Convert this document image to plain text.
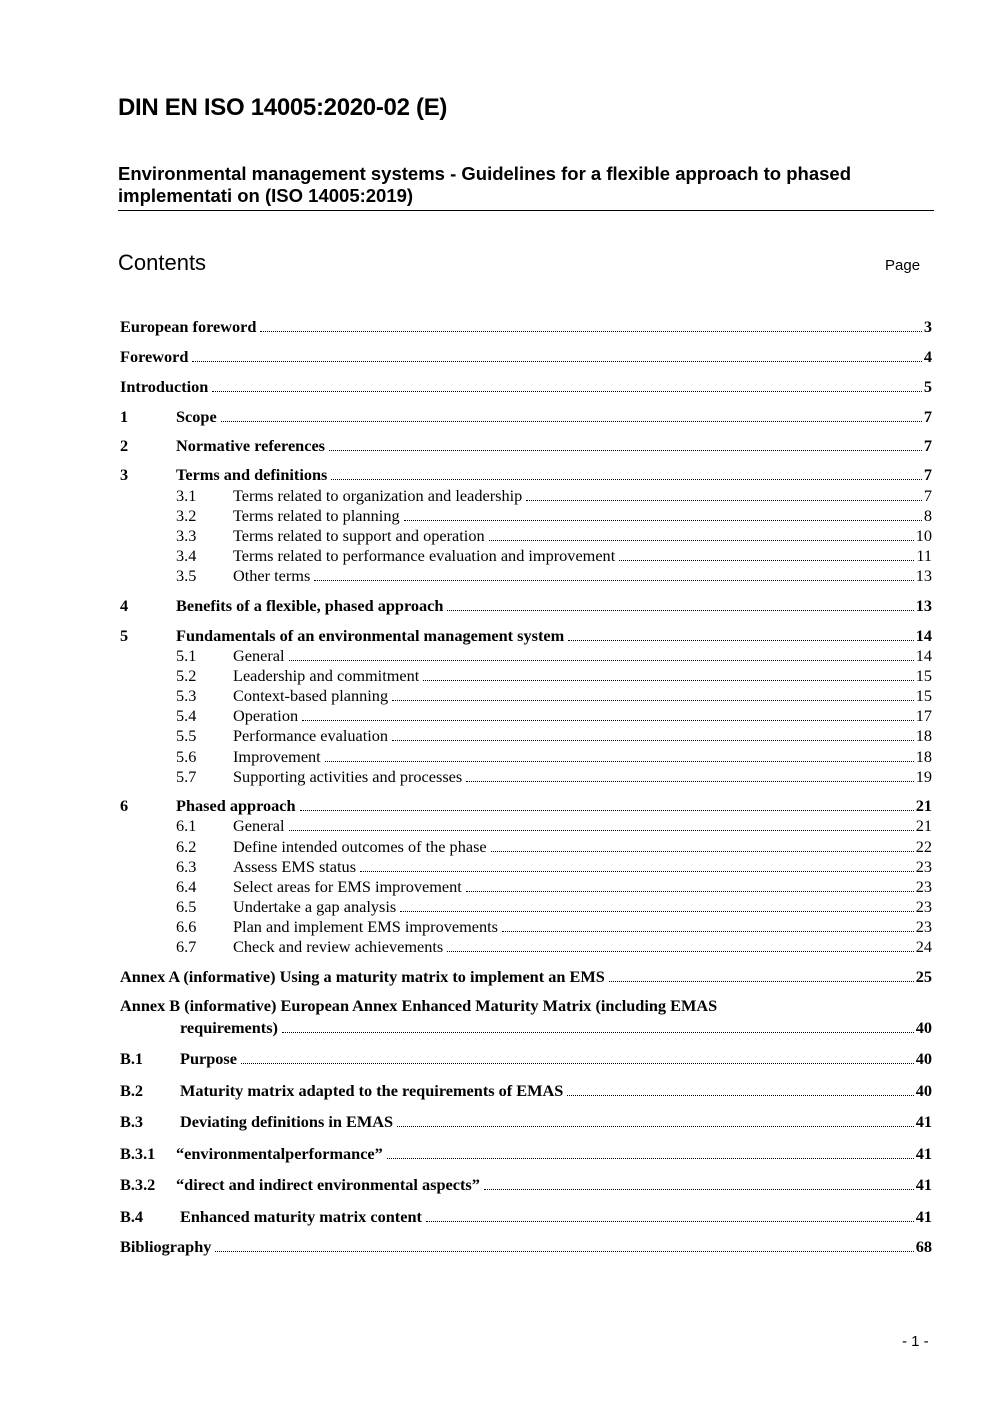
DIN EN ISO 14005:2020-02 (E)
Environmental management systems - Guidelines for a flexible approach to phased
implementati on (ISO 14005:2019)
Contents	Page
European foreword	3
Foreword	4
Introduction	5
1	Scope	7
2	Normative references	7
3	Terms and definitions	7
3.1	Terms related to organization and leadership	7
3.2	Terms related to planning	8
3.3	Terms related to support and operation	10
3.4	Terms related to performance evaluation and improvement	11
3.5	Other terms	13
4	Benefits of a flexible, phased approach	13
5	Fundamentals of an environmental management system	14
5.1	General	14
5.2	Leadership and commitment	15
5.3	Context-based planning	15
5.4	Operation	17
5.5	Performance evaluation	18
5.6	Improvement	18
5.7	Supporting activities and processes	19
6	Phased approach	21
6.1	General	21
6.2	Define intended outcomes of the phase	22
6.3	Assess EMS status	23
6.4	Select areas for EMS improvement	23
6.5	Undertake a gap analysis	23
6.6	Plan and implement EMS improvements	23
6.7	Check and review achievements	24
Annex A (informative) Using a maturity matrix to implement an EMS	25
Annex B (informative) European Annex Enhanced Maturity Matrix (including EMAS
requirements)	40
B.1	Purpose	40
B.2	Maturity matrix adapted to the requirements of EMAS	40
B.3	Deviating definitions in EMAS	41
B.3.1	“environmentalperformance”	41
B.3.2	“direct and indirect environmental aspects”	41
B.4	Enhanced maturity matrix content	41
Bibliography	68
- 1 -
